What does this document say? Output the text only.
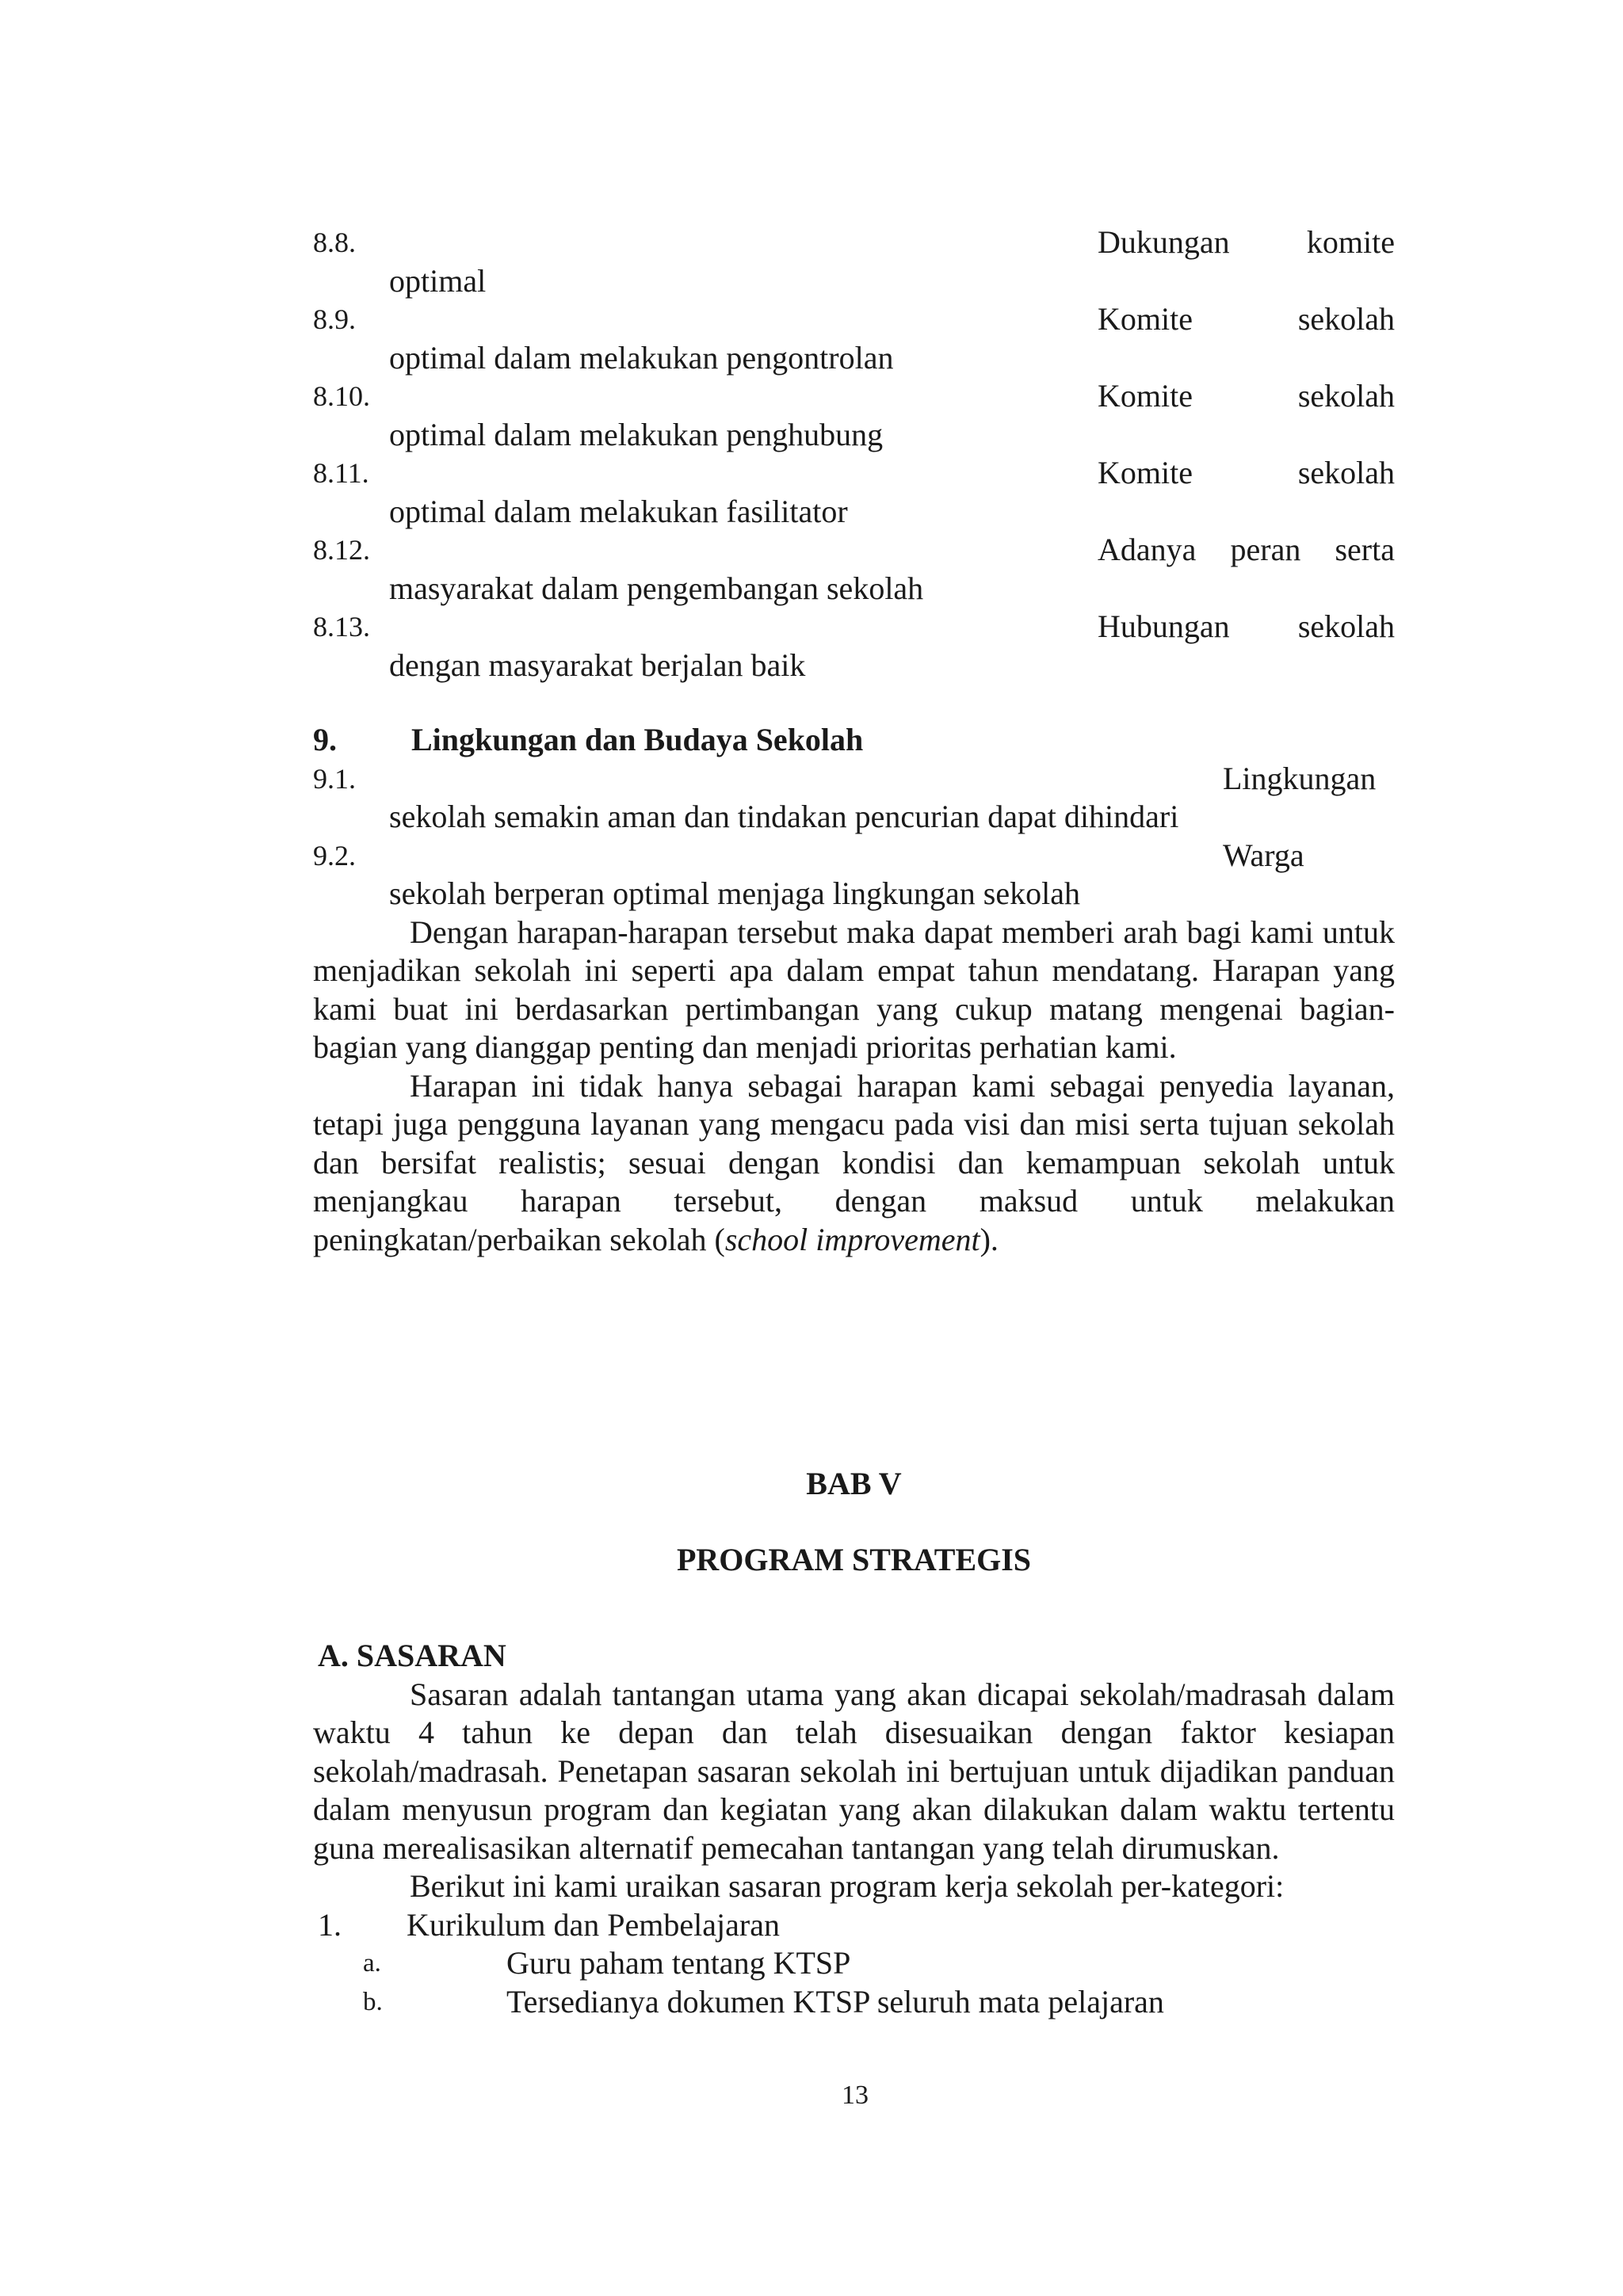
8.8.	Dukungan komite
optimal
8.9.	Komite	sekolah
optimal dalam melakukan pengontrolan
8.10.	Komite	sekolah
optimal dalam melakukan penghubung
8.11.	Komite	sekolah
optimal dalam melakukan fasilitator
8.12.	Adanya peran serta
masyarakat dalam pengembangan sekolah
8.13.	Hubungan sekolah
dengan masyarakat berjalan baik
9. Lingkungan dan Budaya Sekolah
9.1.	Lingkungan
sekolah semakin aman dan tindakan pencurian dapat dihindari
9.2.	Warga
sekolah berperan optimal menjaga lingkungan sekolah
Dengan harapan-harapan tersebut maka dapat memberi arah bagi kami untuk menjadikan sekolah ini seperti apa dalam empat tahun mendatang. Harapan yang kami buat ini berdasarkan pertimbangan yang cukup matang mengenai bagian-bagian yang dianggap penting dan menjadi prioritas perhatian kami.
Harapan ini tidak hanya sebagai harapan kami sebagai penyedia layanan, tetapi juga pengguna layanan yang mengacu pada visi dan misi serta tujuan sekolah dan bersifat realistis; sesuai dengan kondisi dan kemampuan sekolah untuk menjangkau harapan tersebut, dengan maksud untuk melakukan peningkatan/perbaikan sekolah (school improvement).
BAB V
PROGRAM STRATEGIS
A. SASARAN
Sasaran adalah tantangan utama yang akan dicapai sekolah/madrasah dalam waktu 4 tahun ke depan dan telah disesuaikan dengan faktor kesiapan sekolah/madrasah. Penetapan sasaran sekolah ini bertujuan untuk dijadikan panduan dalam menyusun program dan kegiatan yang akan dilakukan dalam waktu tertentu guna merealisasikan alternatif pemecahan tantangan yang telah dirumuskan.
Berikut ini kami uraikan sasaran program kerja sekolah per-kategori:
1. Kurikulum dan Pembelajaran
a.	Guru paham tentang KTSP
b.	Tersedianya dokumen KTSP seluruh mata pelajaran
13
